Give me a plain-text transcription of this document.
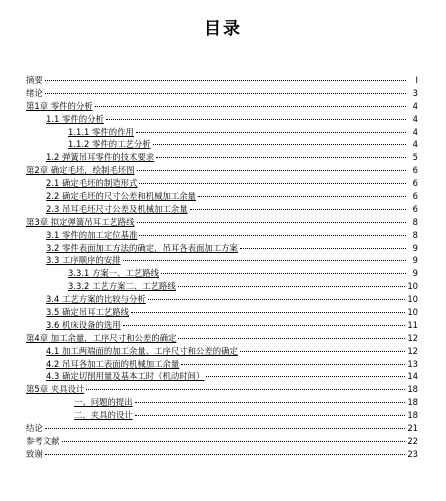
目录
摘要	I
绪论	3
第1章 零件的分析	4
1.1 零件的分析	4
1.1.1 零件的作用	4
1.1.2 零件的工艺分析	4
1.2 弹簧吊耳零件的技术要求	5
第2章 确定毛坯，绘制毛坯图	6
2.1 确定毛坯的制造形式	6
2.2 确定毛坯的尺寸公差和机械加工余量	6
2.3 吊耳毛坯尺寸公差及机械加工余量	6
第3章 拟定弹簧吊耳工艺路线	8
3.1 零件的加工定位基准	8
3.2 零件表面加工方法的确定，吊耳各表面加工方案	9
3.3 工序顺序的安排	9
3.3.1 方案一、工艺路线	9
3.3.2 工艺方案二、工艺路线	10
3.4 工艺方案的比较与分析	10
3.5 确定吊耳工艺路线	10
3.6 机床设备的选用	11
第4章 加工余量，工序尺寸和公差的确定	12
4.1 加工两端面的加工余量、工序尺寸和公差的确定	12
4.2 吊耳各加工表面的机械加工余量	13
4.3 确定切削用量及基本工时（机动时间）	14
第5章 夹具设计	18
一、问题的提出	18
二、夹具的设计	18
结论	21
参考文献	22
致谢	23
